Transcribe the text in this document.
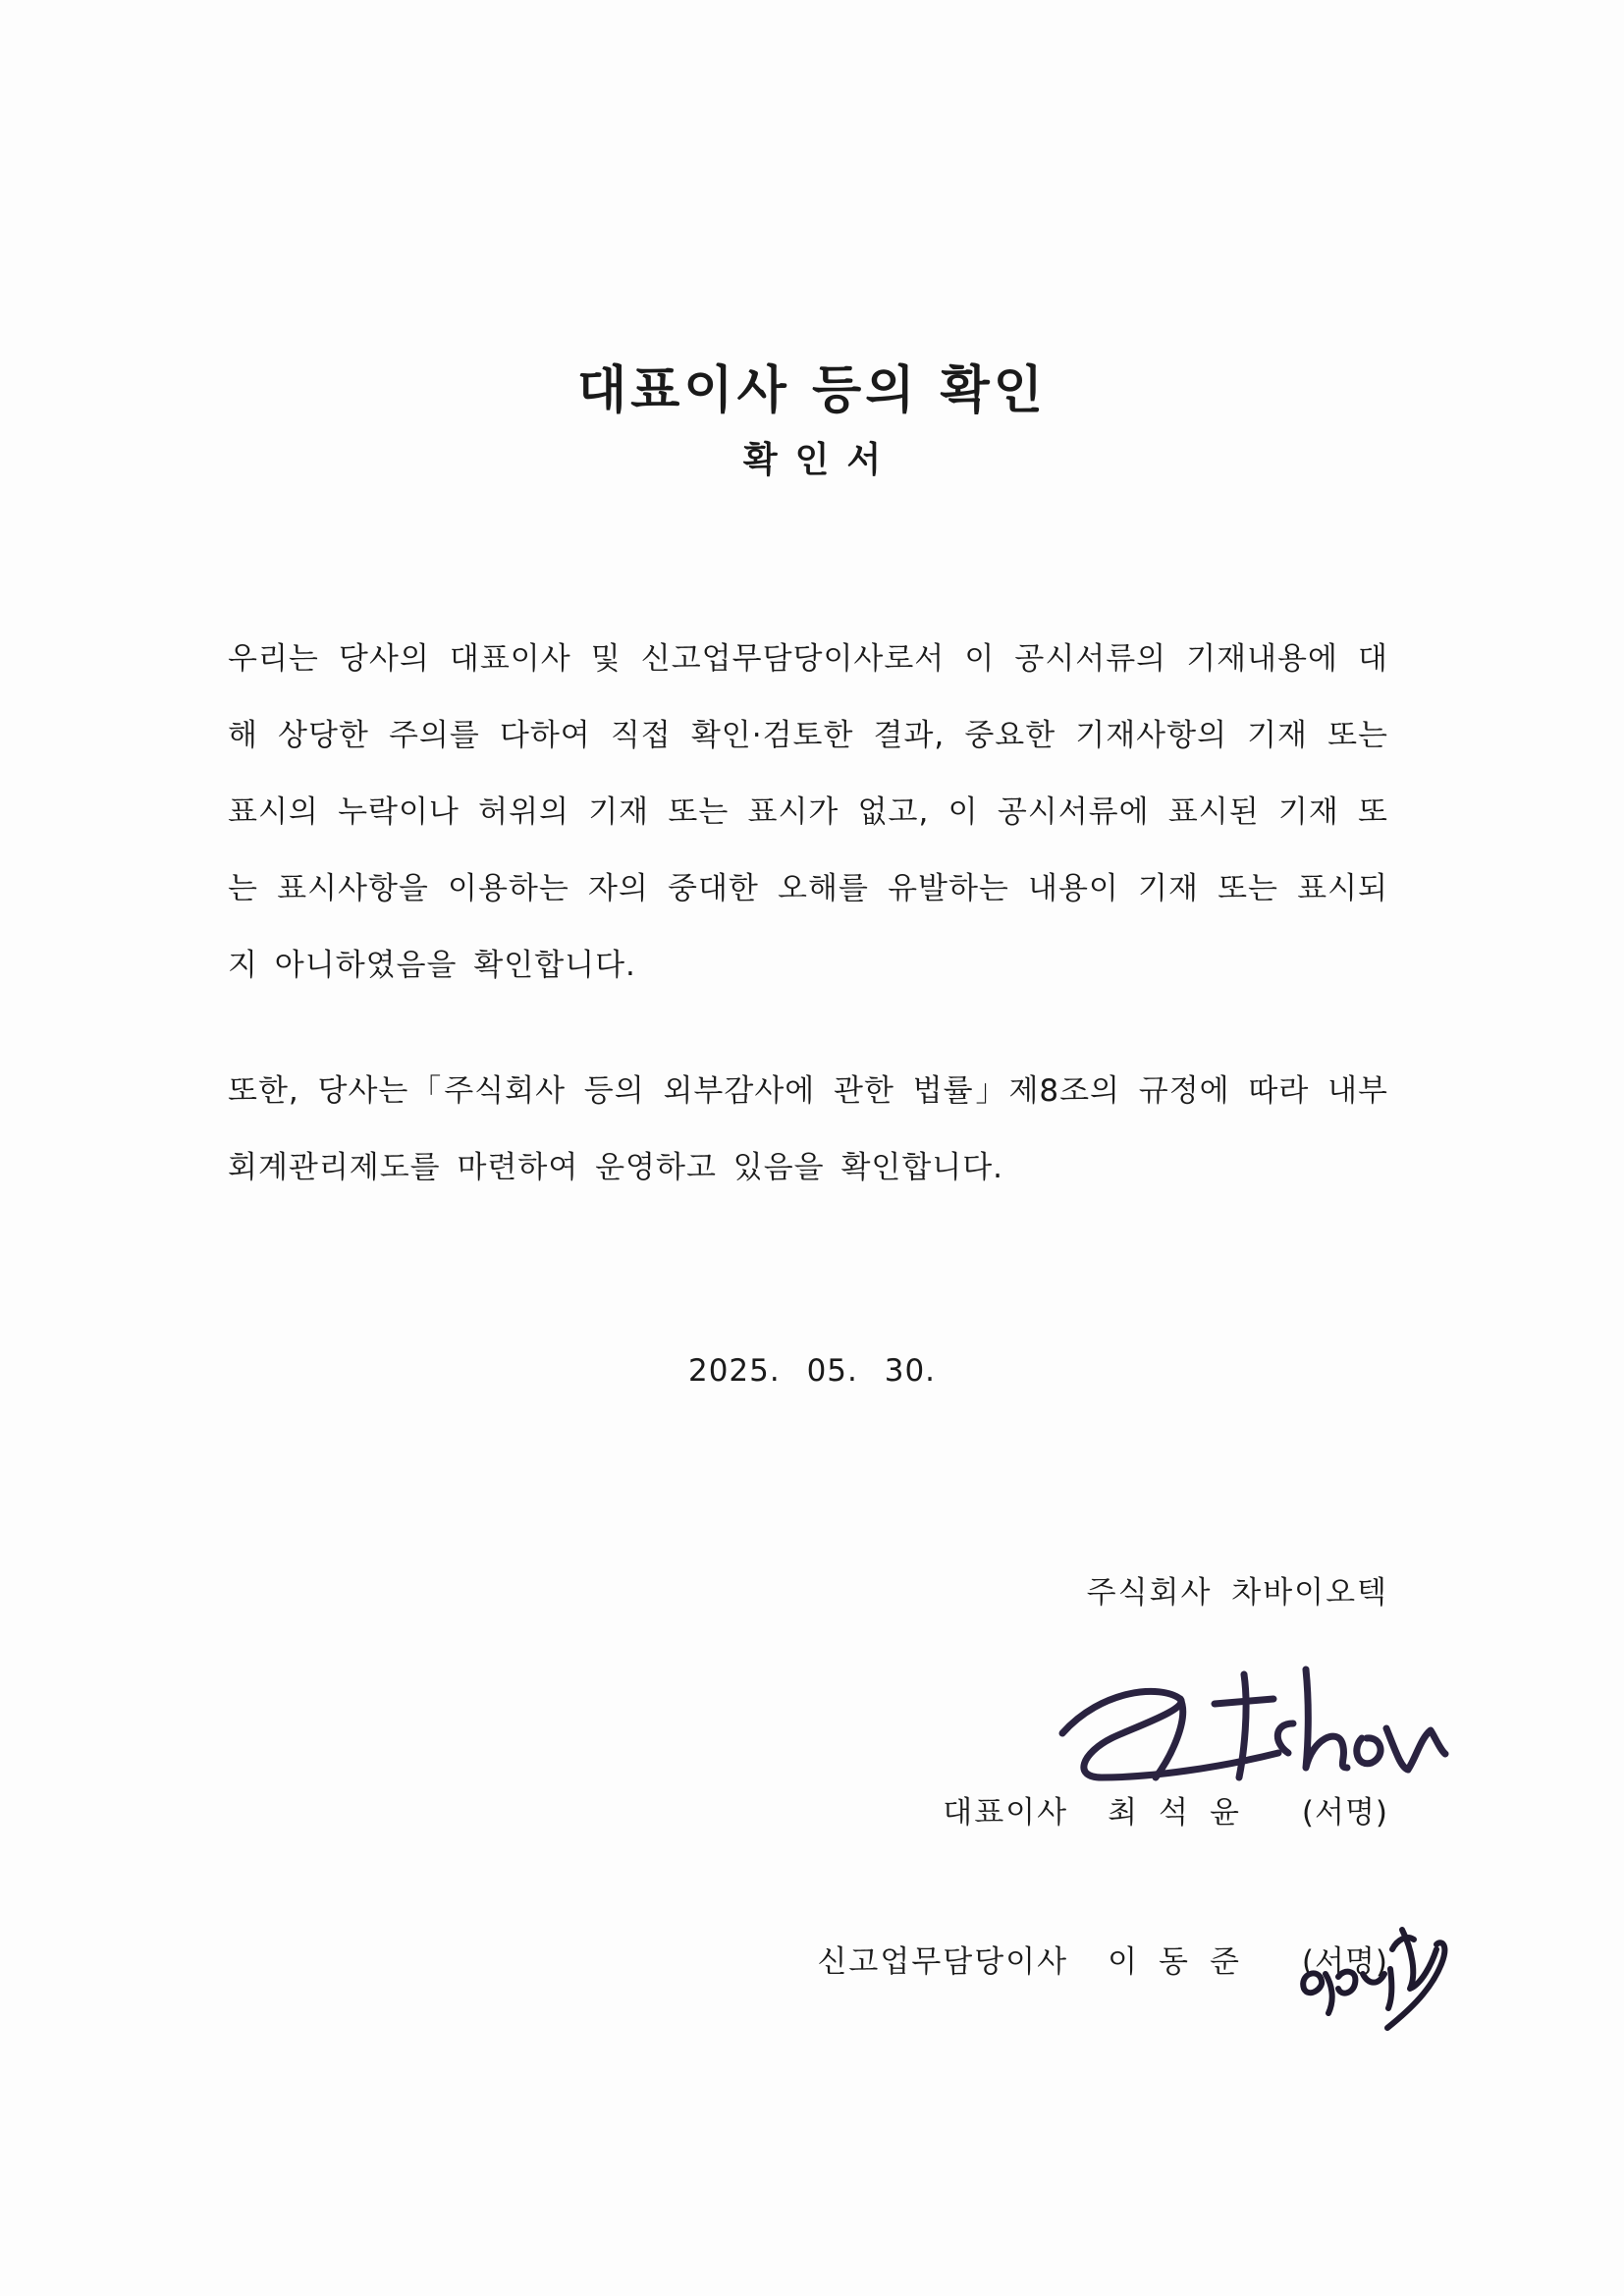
대표이사 등의 확인
확인서
우리는 당사의 대표이사 및 신고업무담당이사로서 이 공시서류의 기재내용에 대해 상당한 주의를 다하여 직접 확인·검토한 결과, 중요한 기재사항의 기재 또는 표시의 누락이나 허위의 기재 또는 표시가 없고, 이 공시서류에 표시된 기재 또는 표시사항을 이용하는 자의 중대한 오해를 유발하는 내용이 기재 또는 표시되지 아니하였음을 확인합니다.
또한, 당사는「주식회사 등의 외부감사에 관한 법률」제8조의 규정에 따라 내부회계관리제도를 마련하여 운영하고 있음을 확인합니다.
2025. 05. 30.
주식회사 차바이오텍
대표이사 최석윤 (서명)
신고업무담당이사 이동준 (서명)
